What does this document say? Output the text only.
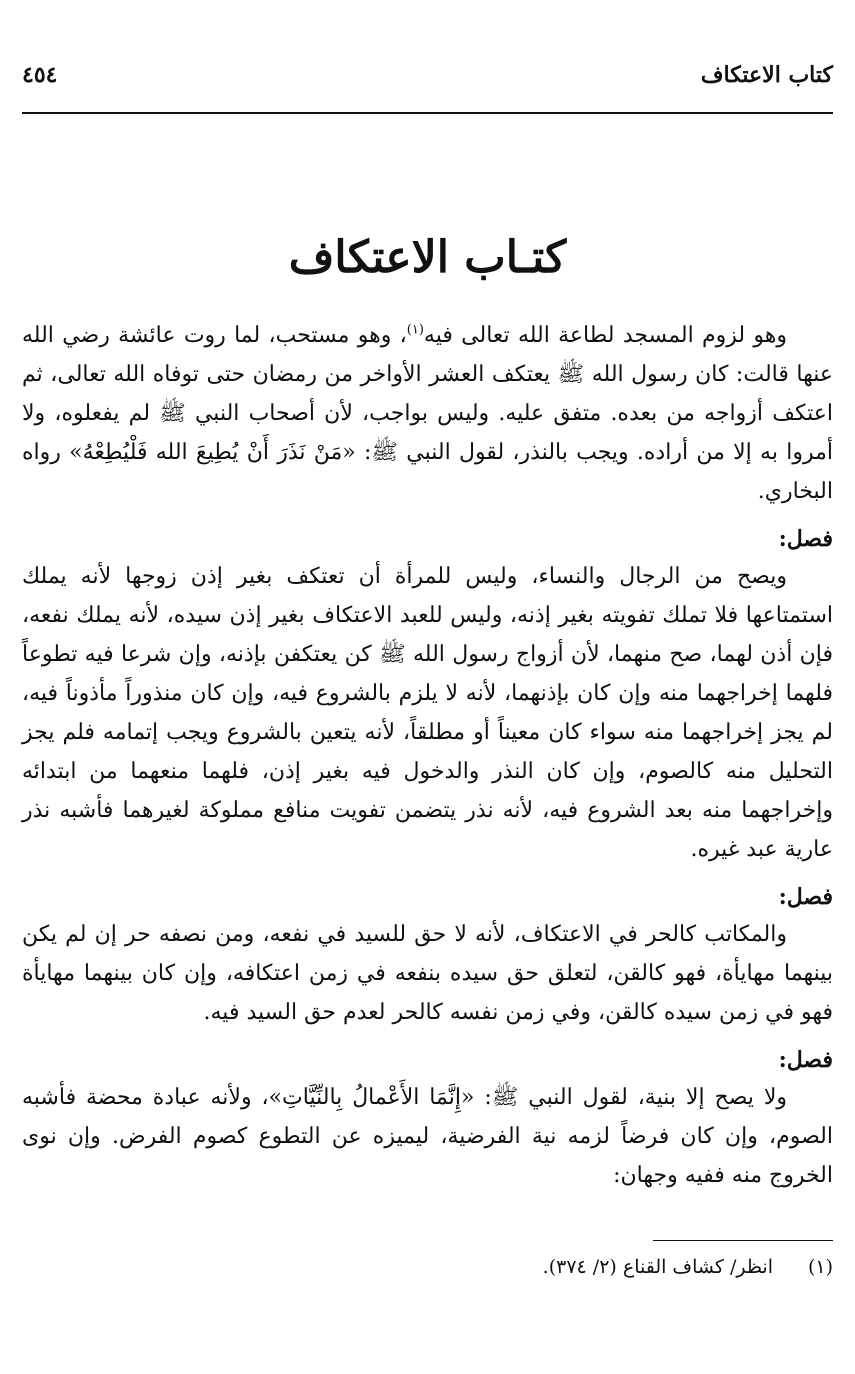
كتاب الاعتكاف
٤٥٤
كتـاب الاعتكاف

وهو لزوم المسجد لطاعة الله تعالى فيه$^{(١)}$، وهو مستحب، لما روت عائشة رضي الله عنها قالت: كان رسول الله ﷺ يعتكف العشر الأواخر من رمضان حتى توفاه الله تعالى، ثم اعتكف أزواجه من بعده. متفق عليه. وليس بواجب، لأن أصحاب النبي ﷺ لم يفعلوه، ولا أمروا به إلا من أراده. ويجب بالنذر، لقول النبي ﷺ: «مَنْ نَذَرَ أَنْ يُطِيعَ الله فَلْيُطِعْهُ» رواه البخاري.

فصل:

ويصح من الرجال والنساء، وليس للمرأة أن تعتكف بغير إذن زوجها لأنه يملك استمتاعها فلا تملك تفويته بغير إذنه، وليس للعبد الاعتكاف بغير إذن سيده، لأنه يملك نفعه، فإن أذن لهما، صح منهما، لأن أزواج رسول الله ﷺ كن يعتكفن بإذنه، وإن شرعا فيه تطوعاً فلهما إخراجهما منه وإن كان بإذنهما، لأنه لا يلزم بالشروع فيه، وإن كان منذوراً مأذوناً فيه، لم يجز إخراجهما منه سواء كان معيناً أو مطلقاً، لأنه يتعين بالشروع ويجب إتمامه فلم يجز التحليل منه كالصوم، وإن كان النذر والدخول فيه بغير إذن، فلهما منعهما من ابتدائه وإخراجهما منه بعد الشروع فيه، لأنه نذر يتضمن تفويت منافع مملوكة لغيرهما فأشبه نذر عارية عبد غيره.

فصل:

والمكاتب كالحر في الاعتكاف، لأنه لا حق للسيد في نفعه، ومن نصفه حر إن لم يكن بينهما مهايأة، فهو كالقن، لتعلق حق سيده بنفعه في زمن اعتكافه، وإن كان بينهما مهايأة فهو في زمن سيده كالقن، وفي زمن نفسه كالحر لعدم حق السيد فيه.

فصل:

ولا يصح إلا بنية، لقول النبي ﷺ: «إِنَّمَا الأَعْمالُ بِالنِّيَّاتِ»، ولأنه عبادة محضة فأشبه الصوم، وإن كان فرضاً لزمه نية الفرضية، ليميزه عن التطوع كصوم الفرض. وإن نوى الخروج منه ففيه وجهان:

(١)انظر/ كشاف القناع (٢/ ٣٧٤).
